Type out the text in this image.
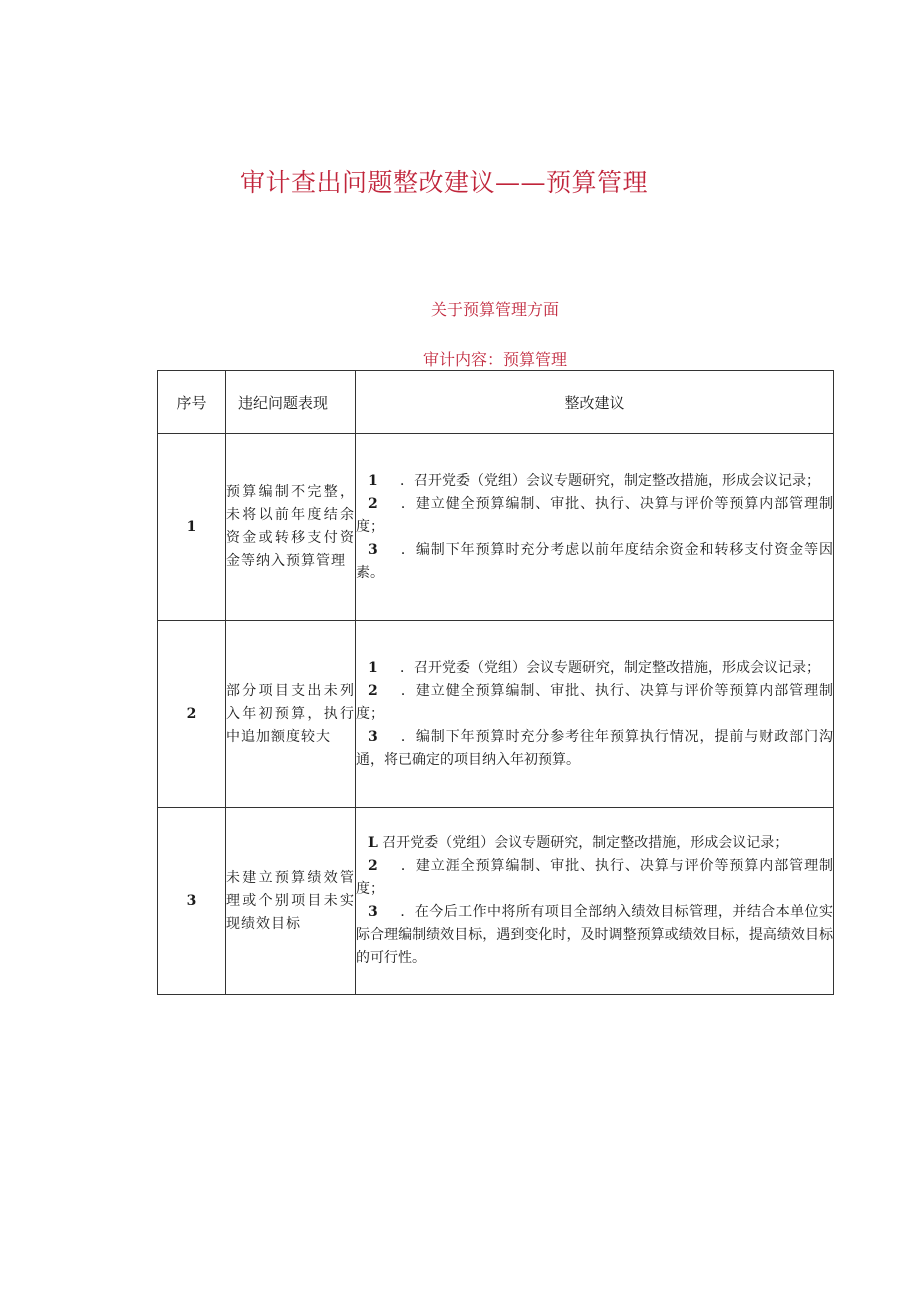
审计查出问题整改建议——预算管理
关于预算管理方面
审计内容：预算管理
序号	违纪问题表现	整改建议
1	预算编制不完整，未将以前年度结余资金或转移支付资金等纳入预算管理	1 ．召开党委（党组）会议专题研究，制定整改措施，形成会议记录；

2 ．建立健全预算编制、审批、执行、决算与评价等预算内部管理制度；

3 ．编制下年预算时充分考虑以前年度结余资金和转移支付资金等因素。

2	部分项目支出未列入年初预算，执行中追加额度较大	1 ．召开党委（党组）会议专题研究，制定整改措施，形成会议记录；

2 ．建立健全预算编制、审批、执行、决算与评价等预算内部管理制度；

3 ．编制下年预算时充分参考往年预算执行情况，提前与财政部门沟通，将已确定的项目纳入年初预算。

3	未建立预算绩效管理或个别项目未实现绩效目标	L 召开党委（党组）会议专题研究，制定整改措施，形成会议记录；

2 ．建立涯全预算编制、审批、执行、决算与评价等预算内部管理制度；

3 ．在今后工作中将所有项目全部纳入绩效目标管理，并结合本单位实际合理编制绩效目标，遇到变化时，及时调整预算或绩效目标，提高绩效目标的可行性。
